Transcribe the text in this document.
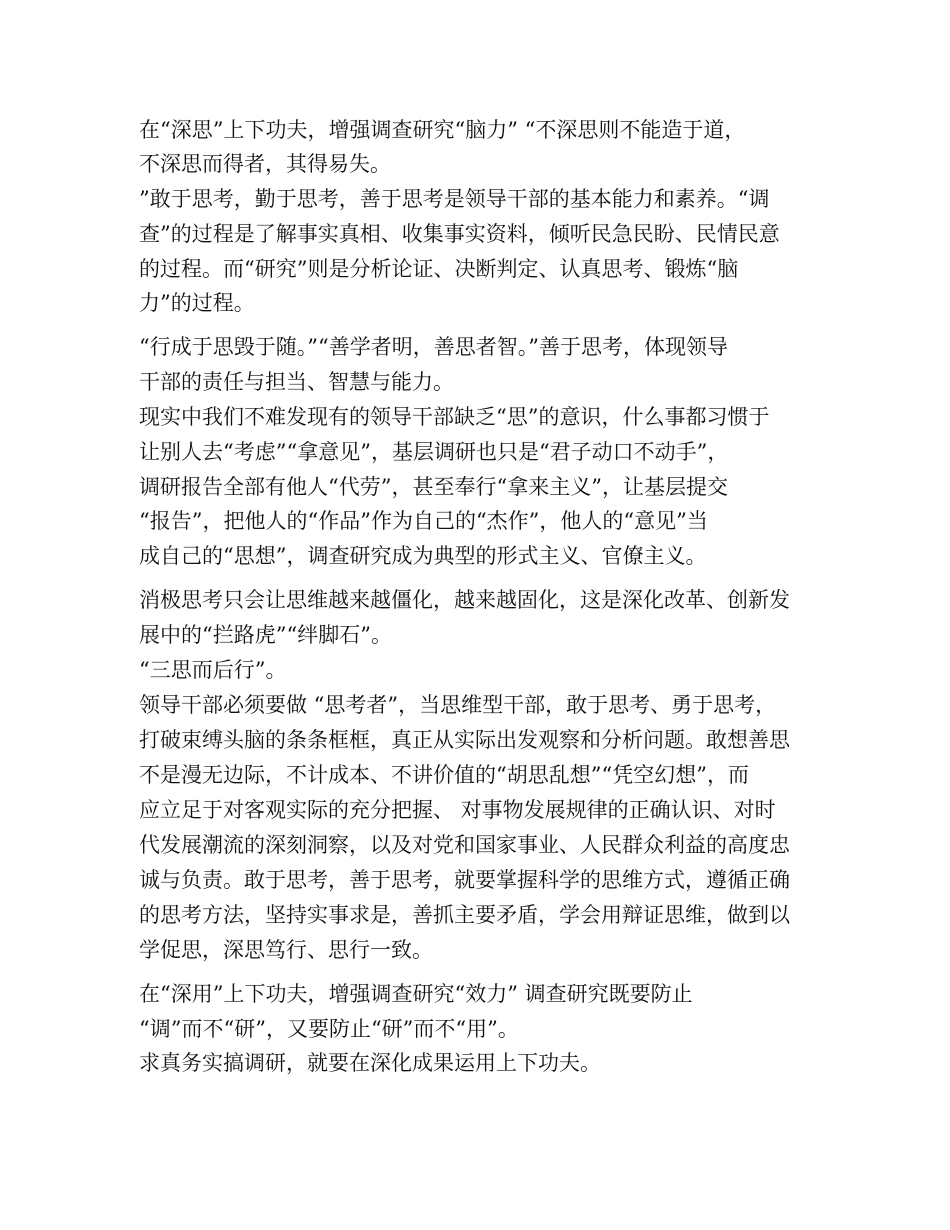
在“深思”上下功夫，增强调查研究“脑力” “不深思则不能造于道，
不深思而得者，其得易失。
”敢于思考，勤于思考，善于思考是领导干部的基本能力和素养。“调
查”的过程是了解事实真相、收集事实资料，倾听民急民盼、民情民意
的过程。而“研究”则是分析论证、决断判定、认真思考、锻炼“脑
力”的过程。
“行成于思毁于随。”“善学者明，善思者智。”善于思考，体现领导
干部的责任与担当、智慧与能力。
现实中我们不难发现有的领导干部缺乏“思”的意识，什么事都习惯于
让别人去“考虑”“拿意见”，基层调研也只是“君子动口不动手”，
调研报告全部有他人“代劳”，甚至奉行“拿来主义”，让基层提交
“报告”，把他人的“作品”作为自己的“杰作”，他人的“意见”当
成自己的“思想”，调查研究成为典型的形式主义、官僚主义。
消极思考只会让思维越来越僵化，越来越固化，这是深化改革、创新发
展中的“拦路虎”“绊脚石”。
“三思而后行”。
领导干部必须要做 “思考者”，当思维型干部，敢于思考、勇于思考，
打破束缚头脑的条条框框，真正从实际出发观察和分析问题。敢想善思
不是漫无边际，不计成本、不讲价值的“胡思乱想”“凭空幻想”，而
应立足于对客观实际的充分把握、 对事物发展规律的正确认识、对时
代发展潮流的深刻洞察，以及对党和国家事业、人民群众利益的高度忠
诚与负责。敢于思考，善于思考，就要掌握科学的思维方式，遵循正确
的思考方法，坚持实事求是，善抓主要矛盾，学会用辩证思维，做到以
学促思，深思笃行、思行一致。
在“深用”上下功夫，增强调查研究“效力” 调查研究既要防止
“调”而不“研”，又要防止“研”而不“用”。
求真务实搞调研，就要在深化成果运用上下功夫。
